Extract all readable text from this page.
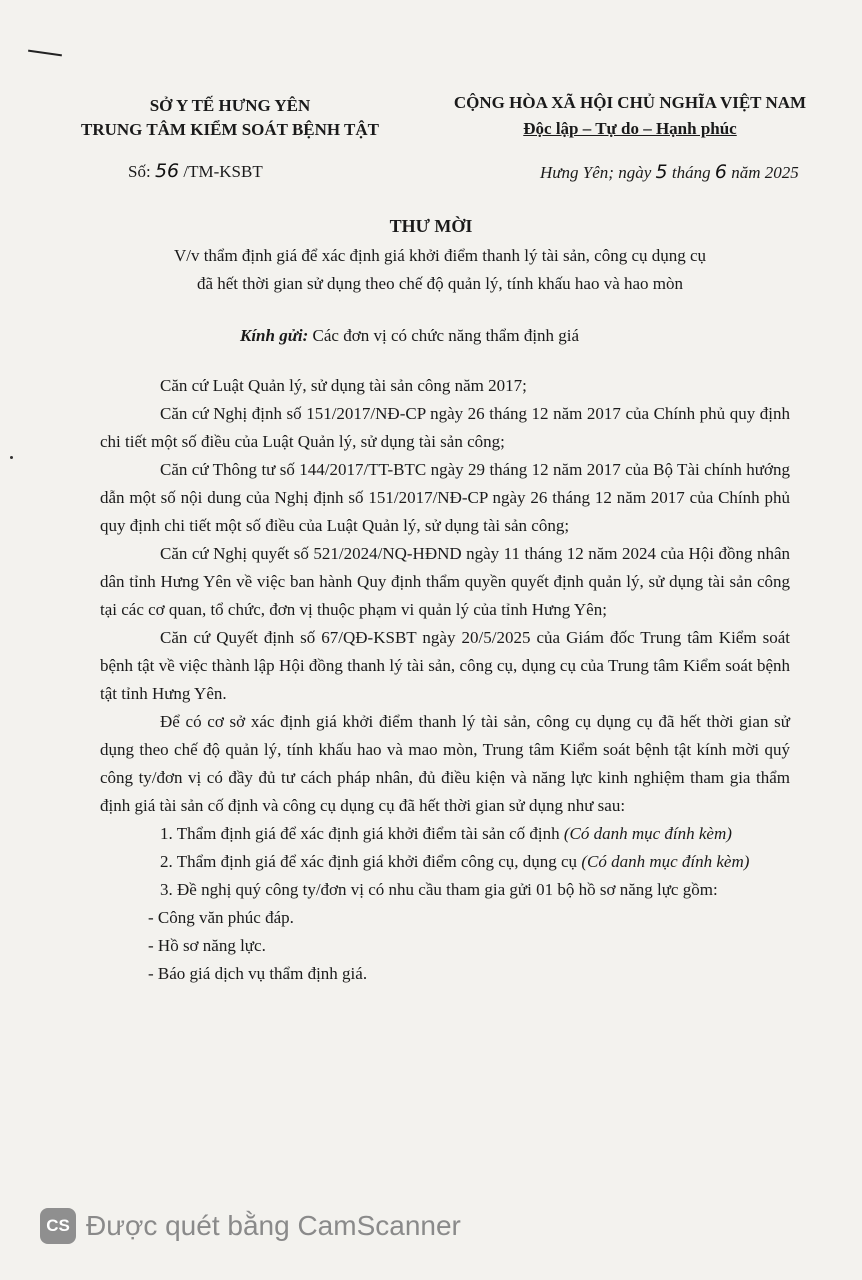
SỞ Y TẾ HƯNG YÊN
TRUNG TÂM KIỂM SOÁT BỆNH TẬT
CỘNG HÒA XÃ HỘI CHỦ NGHĨA VIỆT NAM
Độc lập – Tự do – Hạnh phúc
Số: 56 /TM-KSBT	Hưng Yên; ngày 5 tháng 6 năm 2025
THƯ MỜI
V/v thẩm định giá để xác định giá khởi điểm thanh lý tài sản, công cụ dụng cụ
đã hết thời gian sử dụng theo chế độ quản lý, tính khấu hao và hao mòn
Kính gửi: Các đơn vị có chức năng thẩm định giá

Căn cứ Luật Quản lý, sử dụng tài sản công năm 2017;

Căn cứ Nghị định số 151/2017/NĐ-CP ngày 26 tháng 12 năm 2017 của Chính phủ quy định chi tiết một số điều của Luật Quản lý, sử dụng tài sản công;

Căn cứ Thông tư số 144/2017/TT-BTC ngày 29 tháng 12 năm 2017 của Bộ Tài chính hướng dẫn một số nội dung của Nghị định số 151/2017/NĐ-CP ngày 26 tháng 12 năm 2017 của Chính phủ quy định chi tiết một số điều của Luật Quản lý, sử dụng tài sản công;

Căn cứ Nghị quyết số 521/2024/NQ-HĐND ngày 11 tháng 12 năm 2024 của Hội đồng nhân dân tỉnh Hưng Yên về việc ban hành Quy định thẩm quyền quyết định quản lý, sử dụng tài sản công tại các cơ quan, tổ chức, đơn vị thuộc phạm vi quản lý của tỉnh Hưng Yên;

Căn cứ Quyết định số 67/QĐ-KSBT ngày 20/5/2025 của Giám đốc Trung tâm Kiểm soát bệnh tật về việc thành lập Hội đồng thanh lý tài sản, công cụ, dụng cụ của Trung tâm Kiểm soát bệnh tật tỉnh Hưng Yên.

Để có cơ sở xác định giá khởi điểm thanh lý tài sản, công cụ dụng cụ đã hết thời gian sử dụng theo chế độ quản lý, tính khấu hao và mao mòn, Trung tâm Kiểm soát bệnh tật kính mời quý công ty/đơn vị có đầy đủ tư cách pháp nhân, đủ điều kiện và năng lực kinh nghiệm tham gia thẩm định giá tài sản cố định và công cụ dụng cụ đã hết thời gian sử dụng như sau:

1. Thẩm định giá để xác định giá khởi điểm tài sản cố định (Có danh mục đính kèm)

2. Thẩm định giá để xác định giá khởi điểm công cụ, dụng cụ (Có danh mục đính kèm)

3. Đề nghị quý công ty/đơn vị có nhu cầu tham gia gửi 01 bộ hồ sơ năng lực gồm:

- Công văn phúc đáp.

- Hồ sơ năng lực.

- Báo giá dịch vụ thẩm định giá.

CS Được quét bằng CamScanner
